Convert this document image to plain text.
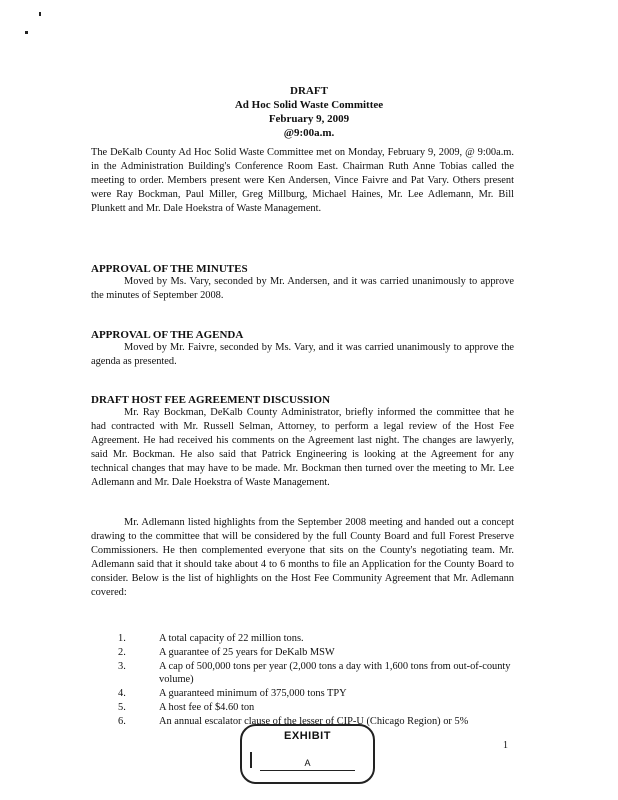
DRAFT
Ad Hoc Solid Waste Committee
February 9, 2009
@9:00a.m.

The DeKalb County Ad Hoc Solid Waste Committee met on Monday, February 9, 2009, @ 9:00a.m. in the Administration Building's Conference Room East. Chairman Ruth Anne Tobias called the meeting to order. Members present were Ken Andersen, Vince Faivre and Pat Vary. Others present were Ray Bockman, Paul Miller, Greg Millburg, Michael Haines, Mr. Lee Adlemann, Mr. Bill Plunkett and Mr. Dale Hoekstra of Waste Management.

APPROVAL OF THE MINUTES

Moved by Ms. Vary, seconded by Mr. Andersen, and it was carried unanimously to approve the minutes of September 2008.

APPROVAL OF THE AGENDA

Moved by Mr. Faivre, seconded by Ms. Vary, and it was carried unanimously to approve the agenda as presented.

DRAFT HOST FEE AGREEMENT DISCUSSION

Mr. Ray Bockman, DeKalb County Administrator, briefly informed the committee that he had contracted with Mr. Russell Selman, Attorney, to perform a legal review of the Host Fee Agreement. He had received his comments on the Agreement last night. The changes are lawyerly, said Mr. Bockman. He also said that Patrick Engineering is looking at the Agreement for any technical changes that may have to be made. Mr. Bockman then turned over the meeting to Mr. Lee Adlemann and Mr. Dale Hoekstra of Waste Management.

Mr. Adlemann listed highlights from the September 2008 meeting and handed out a concept drawing to the committee that will be considered by the full County Board and full Forest Preserve Commissioners. He then complemented everyone that sits on the County's negotiating team. Mr. Adlemann said that it should take about 4 to 6 months to file an Application for the County Board to consider. Below is the list of highlights on the Host Fee Community Agreement that Mr. Adlemann covered:

1.	A total capacity of 22 million tons.
2.	A guarantee of 25 years for DeKalb MSW
3.	A cap of 500,000 tons per year (2,000 tons a day with 1,600 tons from out-of-county volume)
4.	A guaranteed minimum of 375,000 tons TPY
5.	A host fee of $4.60 ton
6.	An annual escalator clause of the lesser of CIP-U (Chicago Region) or 5%
EXHIBIT
A
1
